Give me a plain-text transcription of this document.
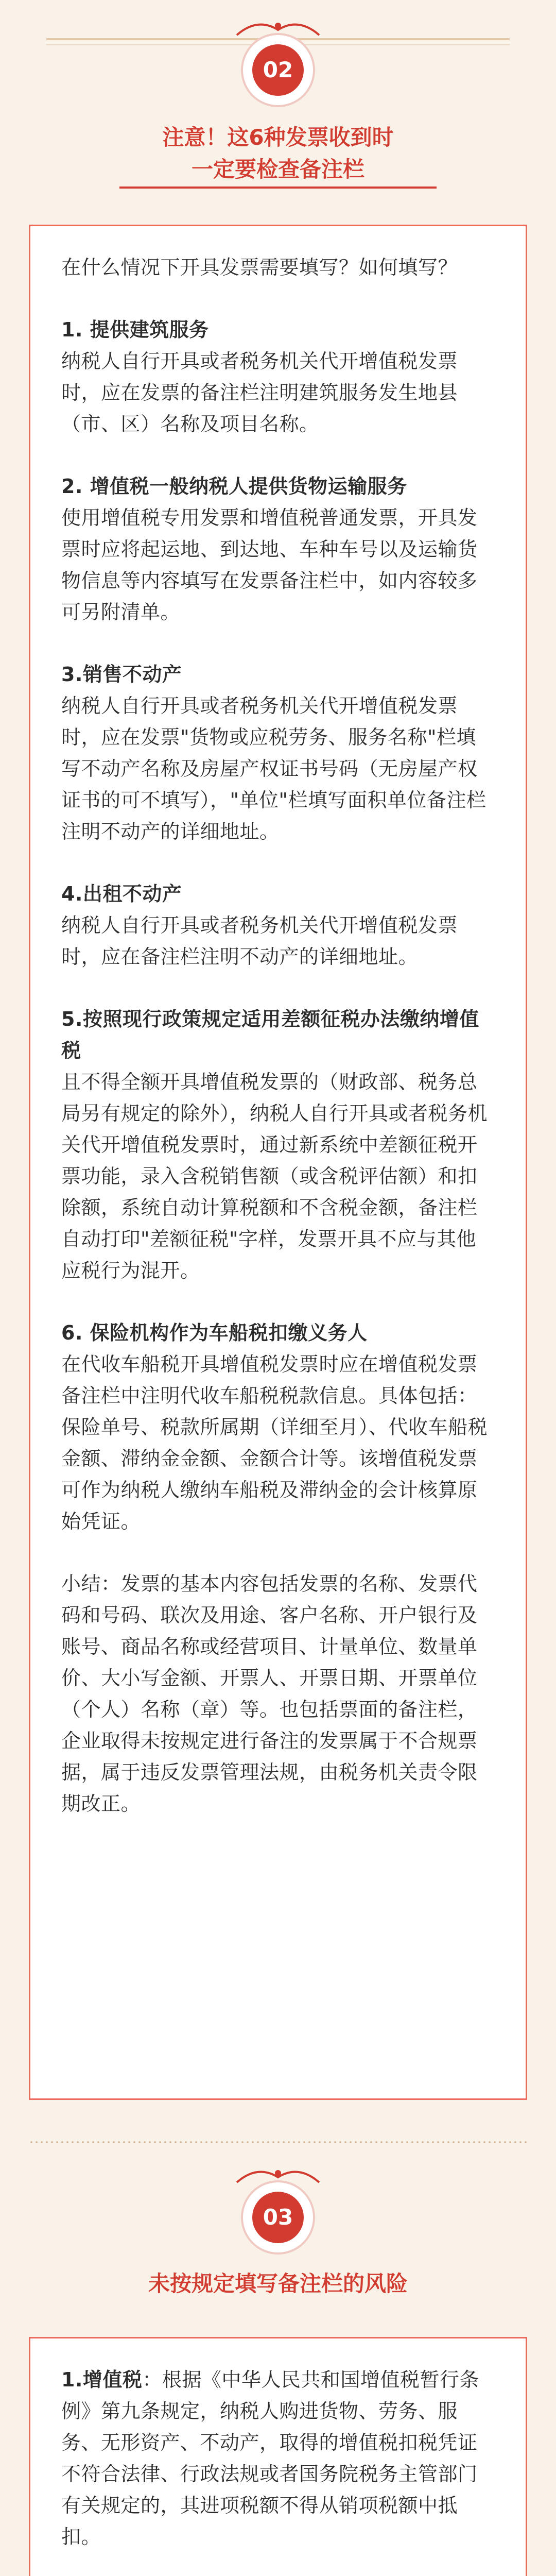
02
注意！这6种发票收到时
一定要检查备注栏

在什么情况下开具发票需要填写？如何填写？

1. 提供建筑服务
纳税人自行开具或者税务机关代开增值税发票时，应在发票的备注栏注明建筑服务发生地县（市、区）名称及项目名称。

2. 增值税一般纳税人提供货物运输服务
使用增值税专用发票和增值税普通发票，开具发票时应将起运地、到达地、车种车号以及运输货物信息等内容填写在发票备注栏中，如内容较多可另附清单。

3.销售不动产
纳税人自行开具或者税务机关代开增值税发票时，应在发票"货物或应税劳务、服务名称"栏填写不动产名称及房屋产权证书号码（无房屋产权证书的可不填写），"单位"栏填写面积单位备注栏注明不动产的详细地址。

4.出租不动产
纳税人自行开具或者税务机关代开增值税发票时，应在备注栏注明不动产的详细地址。

5.按照现行政策规定适用差额征税办法缴纳增值税
且不得全额开具增值税发票的（财政部、税务总局另有规定的除外），纳税人自行开具或者税务机关代开增值税发票时，通过新系统中差额征税开票功能，录入含税销售额（或含税评估额）和扣除额，系统自动计算税额和不含税金额，备注栏自动打印"差额征税"字样，发票开具不应与其他应税行为混开。

6. 保险机构作为车船税扣缴义务人
在代收车船税开具增值税发票时应在增值税发票备注栏中注明代收车船税税款信息。具体包括：保险单号、税款所属期（详细至月）、代收车船税金额、滞纳金金额、金额合计等。该增值税发票可作为纳税人缴纳车船税及滞纳金的会计核算原始凭证。

小结：发票的基本内容包括发票的名称、发票代码和号码、联次及用途、客户名称、开户银行及账号、商品名称或经营项目、计量单位、数量单价、大小写金额、开票人、开票日期、开票单位（个人）名称（章）等。也包括票面的备注栏，企业取得未按规定进行备注的发票属于不合规票据，属于违反发票管理法规，由税务机关责令限期改正。

03
未按规定填写备注栏的风险

1.增值税：根据《中华人民共和国增值税暂行条例》第九条规定，纳税人购进货物、劳务、服务、无形资产、不动产，取得的增值税扣税凭证不符合法律、行政法规或者国务院税务主管部门有关规定的，其进项税额不得从销项税额中抵扣。
